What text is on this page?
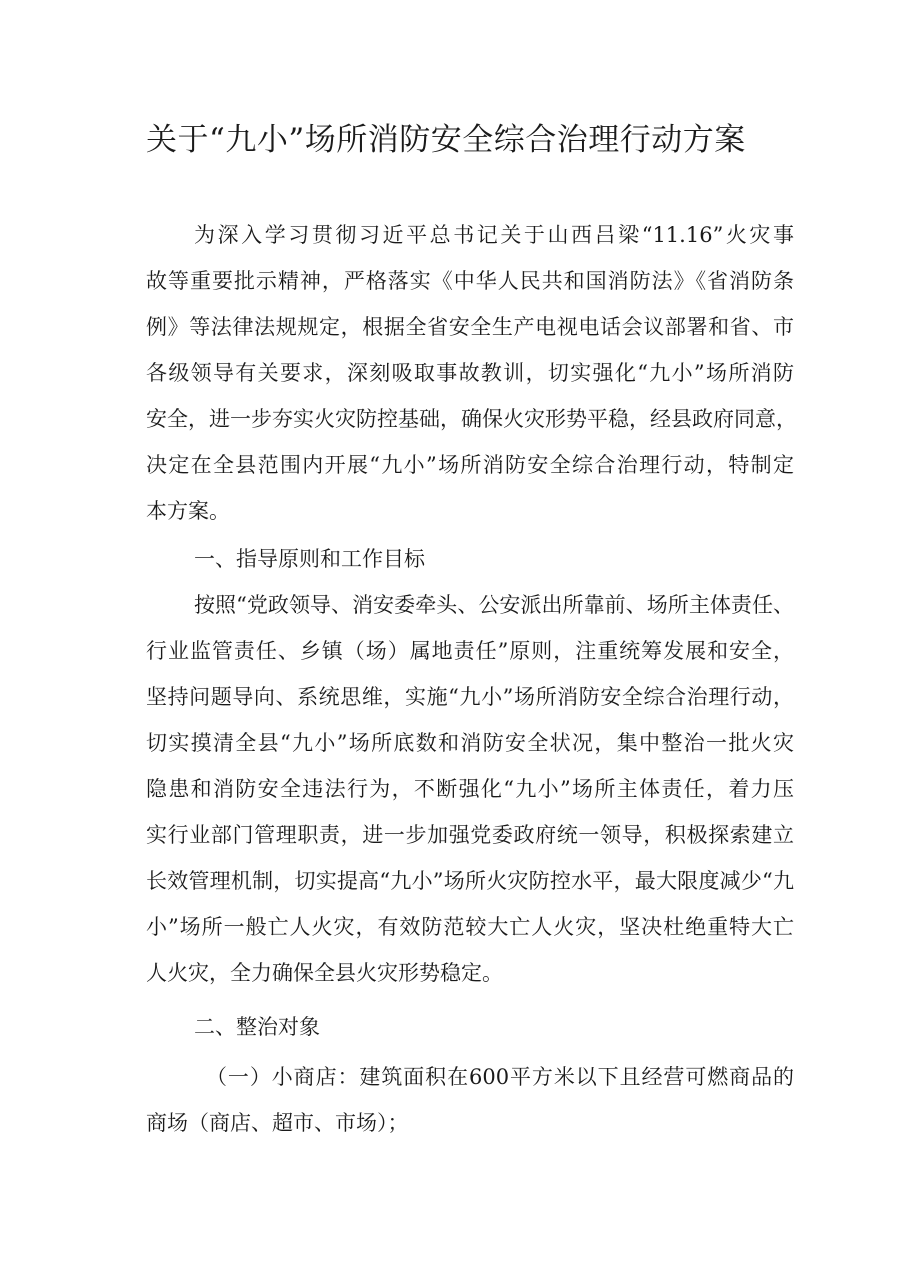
关于“九小”场所消防安全综合治理行动方案
为深入学习贯彻习近平总书记关于山西吕梁“11.16”火灾事
故等重要批示精神，严格落实《中华人民共和国消防法》《省消防条
例》等法律法规规定，根据全省安全生产电视电话会议部署和省、市
各级领导有关要求，深刻吸取事故教训，切实强化“九小”场所消防
安全，进一步夯实火灾防控基础，确保火灾形势平稳，经县政府同意，
决定在全县范围内开展“九小”场所消防安全综合治理行动，特制定
本方案。
一、指导原则和工作目标
按照“党政领导、消安委牵头、公安派出所靠前、场所主体责任、
行业监管责任、乡镇（场）属地责任”原则，注重统筹发展和安全，
坚持问题导向、系统思维，实施“九小”场所消防安全综合治理行动，
切实摸清全县“九小”场所底数和消防安全状况，集中整治一批火灾
隐患和消防安全违法行为，不断强化“九小”场所主体责任，着力压
实行业部门管理职责，进一步加强党委政府统一领导，积极探索建立
长效管理机制，切实提高“九小”场所火灾防控水平，最大限度减少“九
小”场所一般亡人火灾，有效防范较大亡人火灾，坚决杜绝重特大亡
人火灾，全力确保全县火灾形势稳定。
二、整治对象
（一）小商店：建筑面积在600平方米以下且经营可燃商品的
商场（商店、超市、市场）；
